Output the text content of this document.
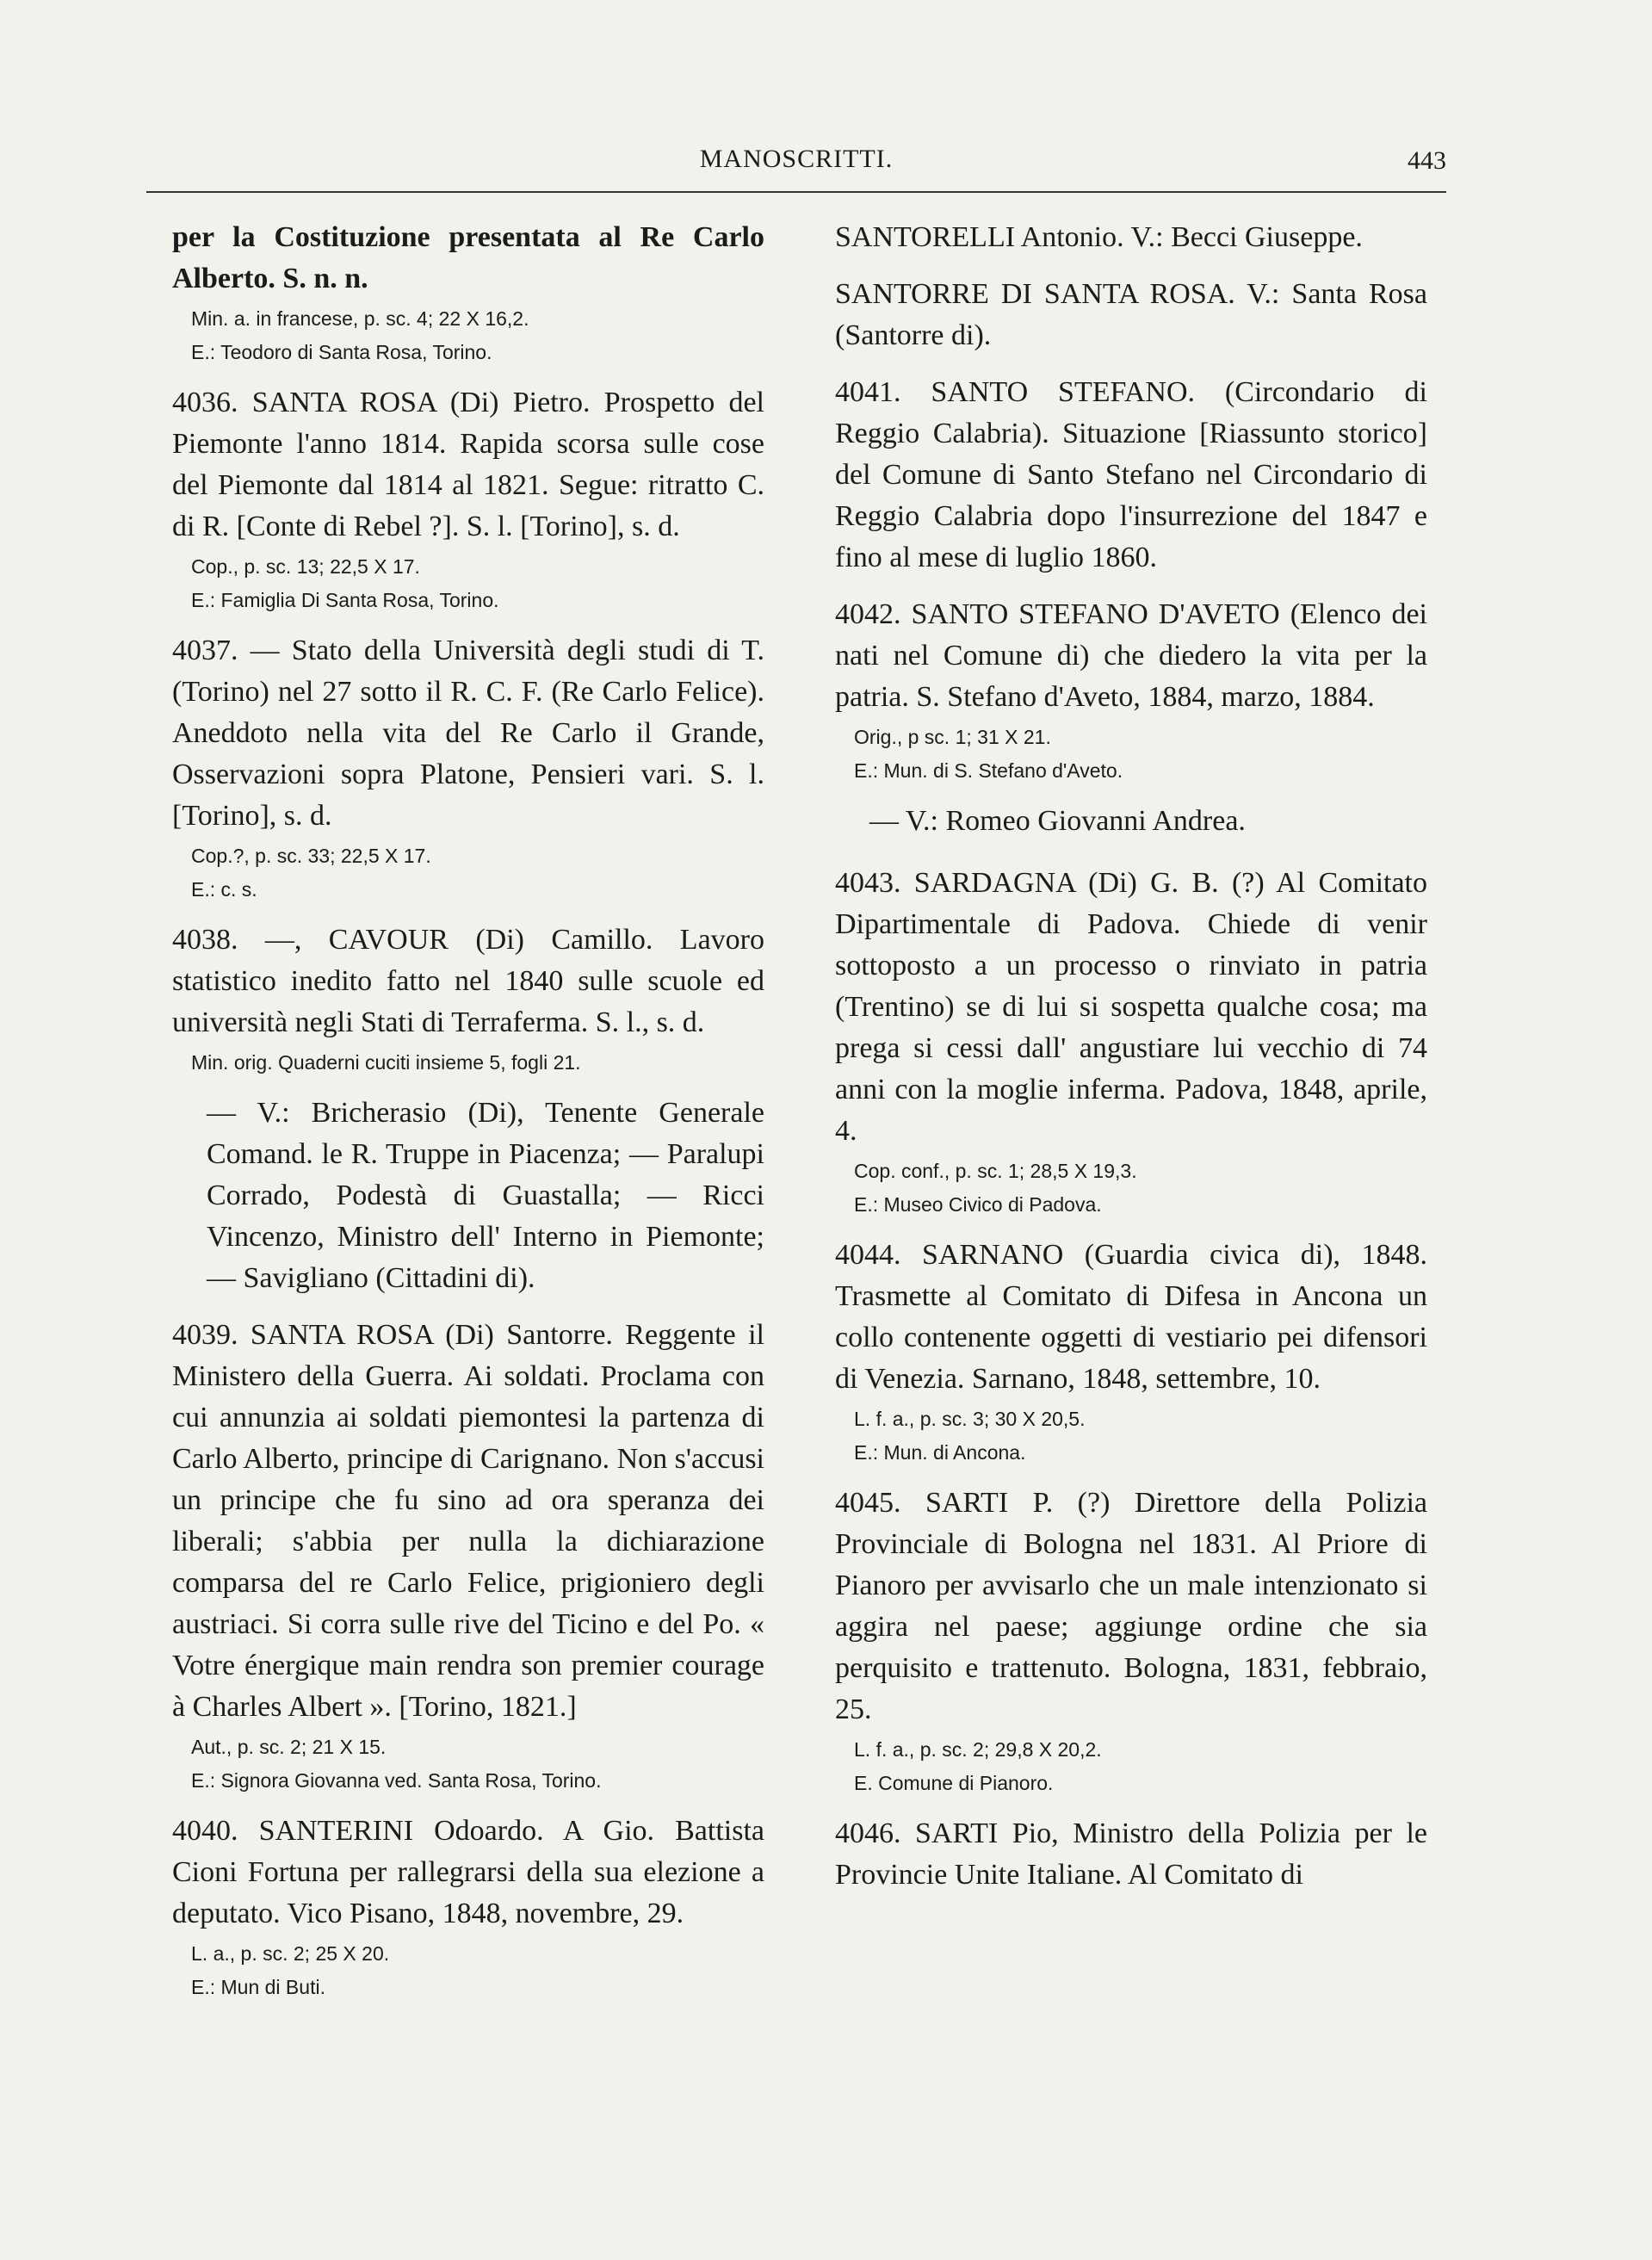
MANOSCRITTI.	443

per la Costituzione presentata al Re Carlo Alberto. S. n. n.

Min. a. in francese, p. sc. 4; 22 X 16,2.
E.: Teodoro di Santa Rosa, Torino.

4036. SANTA ROSA (Di) Pietro. Prospetto del Piemonte l'anno 1814. Rapida scorsa sulle cose del Piemonte dal 1814 al 1821. Segue: ritratto C. di R. [Conte di Rebel ?]. S. l. [Torino], s. d.

Cop., p. sc. 13; 22,5 X 17.
E.: Famiglia Di Santa Rosa, Torino.

4037. — Stato della Università degli studi di T. (Torino) nel 27 sotto il R. C. F. (Re Carlo Felice). Aneddoto nella vita del Re Carlo il Grande, Osservazioni sopra Platone, Pensieri vari. S. l. [Torino], s. d.

Cop.?, p. sc. 33; 22,5 X 17.
E.: c. s.

4038. —, CAVOUR (Di) Camillo. Lavoro statistico inedito fatto nel 1840 sulle scuole ed università negli Stati di Terraferma. S. l., s. d.

Min. orig. Quaderni cuciti insieme 5, fogli 21.
— V.: Bricherasio (Di), Tenente Generale Comand. le R. Truppe in Piacenza; — Paralupi Corrado, Podestà di Guastalla; — Ricci Vincenzo, Ministro dell' Interno in Piemonte; — Savigliano (Cittadini di).

4039. SANTA ROSA (Di) Santorre. Reggente il Ministero della Guerra. Ai soldati. Proclama con cui annunzia ai soldati piemontesi la partenza di Carlo Alberto, principe di Carignano. Non s'accusi un principe che fu sino ad ora speranza dei liberali; s'abbia per nulla la dichiarazione comparsa del re Carlo Felice, prigioniero degli austriaci. Si corra sulle rive del Ticino e del Po. « Votre énergique main rendra son premier courage à Charles Albert ». [Torino, 1821.]

Aut., p. sc. 2; 21 X 15.
E.: Signora Giovanna ved. Santa Rosa, Torino.

4040. SANTERINI Odoardo. A Gio. Battista Cioni Fortuna per rallegrarsi della sua elezione a deputato. Vico Pisano, 1848, novembre, 29.

L. a., p. sc. 2; 25 X 20.
E.: Mun di Buti.
SANTORELLI Antonio. V.: Becci Giuseppe.
SANTORRE DI SANTA ROSA. V.: Santa Rosa (Santorre di).

4041. SANTO STEFANO. (Circondario di Reggio Calabria). Situazione [Riassunto storico] del Comune di Santo Stefano nel Circondario di Reggio Calabria dopo l'insurrezione del 1847 e fino al mese di luglio 1860.

4042. SANTO STEFANO D'AVETO (Elenco dei nati nel Comune di) che diedero la vita per la patria. S. Stefano d'Aveto, 1884, marzo, 1884.

Orig., p sc. 1; 31 X 21.
E.: Mun. di S. Stefano d'Aveto.
— V.: Romeo Giovanni Andrea.

4043. SARDAGNA (Di) G. B. (?) Al Comitato Dipartimentale di Padova. Chiede di venir sottoposto a un processo o rinviato in patria (Trentino) se di lui si sospetta qualche cosa; ma prega si cessi dall' angustiare lui vecchio di 74 anni con la moglie inferma. Padova, 1848, aprile, 4.

Cop. conf., p. sc. 1; 28,5 X 19,3.
E.: Museo Civico di Padova.

4044. SARNANO (Guardia civica di), 1848. Trasmette al Comitato di Difesa in Ancona un collo contenente oggetti di vestiario pei difensori di Venezia. Sarnano, 1848, settembre, 10.

L. f. a., p. sc. 3; 30 X 20,5.
E.: Mun. di Ancona.

4045. SARTI P. (?) Direttore della Polizia Provinciale di Bologna nel 1831. Al Priore di Pianoro per avvisarlo che un male intenzionato si aggira nel paese; aggiunge ordine che sia perquisito e trattenuto. Bologna, 1831, febbraio, 25.

L. f. a., p. sc. 2; 29,8 X 20,2.
E. Comune di Pianoro.

4046. SARTI Pio, Ministro della Polizia per le Provincie Unite Italiane. Al Comitato di
